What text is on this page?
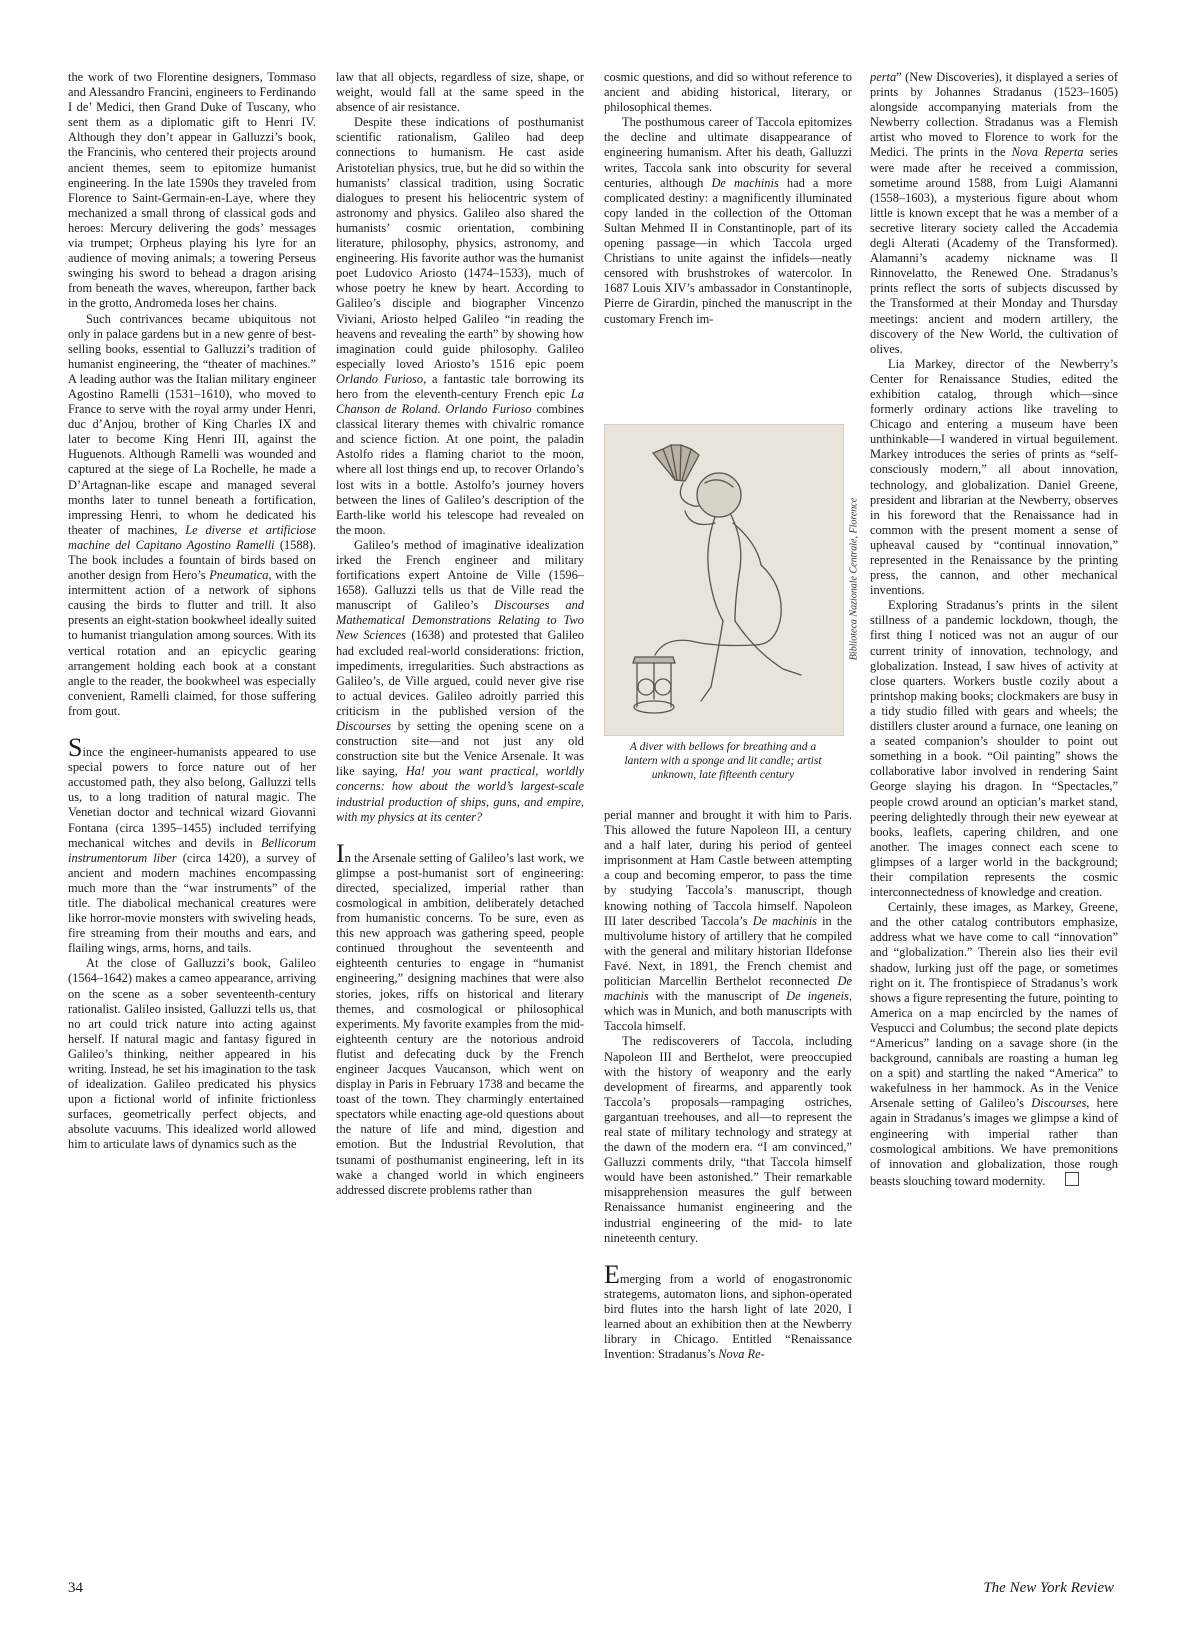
the work of two Florentine designers, Tommaso and Alessandro Francini, engineers to Ferdinando I de’ Medici, then Grand Duke of Tuscany, who sent them as a diplomatic gift to Henri IV. Although they don’t appear in Galluzzi’s book, the Francinis, who centered their projects around ancient themes, seem to epitomize humanist engineering. In the late 1590s they traveled from Florence to Saint-Germain-en-Laye, where they mechanized a small throng of classical gods and heroes: Mercury delivering the gods’ messages via trumpet; Orpheus playing his lyre for an audience of moving animals; a towering Perseus swinging his sword to behead a dragon arising from beneath the waves, whereupon, farther back in the grotto, Andromeda loses her chains.

Such contrivances became ubiquitous not only in palace gardens but in a new genre of best-selling books, essential to Galluzzi’s tradition of humanist engineering, the “theater of machines.” A leading author was the Italian military engineer Agostino Ramelli (1531–1610), who moved to France to serve with the royal army under Henri, duc d’Anjou, brother of King Charles IX and later to become King Henri III, against the Huguenots. Although Ramelli was wounded and captured at the siege of La Rochelle, he made a D’Artagnan-like escape and managed several months later to tunnel beneath a fortification, impressing Henri, to whom he dedicated his theater of machines, Le diverse et artificiose machine del Capitano Agostino Ramelli (1588). The book includes a fountain of birds based on another design from Hero’s Pneumatica, with the intermittent action of a network of siphons causing the birds to flutter and trill. It also presents an eight-station bookwheel ideally suited to humanist triangulation among sources. With its vertical rotation and an epicyclic gearing arrangement holding each book at a constant angle to the reader, the bookwheel was especially convenient, Ramelli claimed, for those suffering from gout.

Since the engineer-humanists appeared to use special powers to force nature out of her accustomed path, they also belong, Galluzzi tells us, to a long tradition of natural magic. The Venetian doctor and technical wizard Giovanni Fontana (circa 1395–1455) included terrifying mechanical witches and devils in Bellicorum instrumentorum liber (circa 1420), a survey of ancient and modern machines encompassing much more than the “war instruments” of the title. The diabolical mechanical creatures were like horror-movie monsters with swiveling heads, fire streaming from their mouths and ears, and flailing wings, arms, horns, and tails.

At the close of Galluzzi’s book, Galileo (1564–1642) makes a cameo appearance, arriving on the scene as a sober seventeenth-century rationalist. Galileo insisted, Galluzzi tells us, that no art could trick nature into acting against herself. If natural magic and fantasy figured in Galileo’s thinking, neither appeared in his writing. Instead, he set his imagination to the task of idealization. Galileo predicated his physics upon a fictional world of infinite frictionless surfaces, geometrically perfect objects, and absolute vacuums. This idealized world allowed him to articulate laws of dynamics such as the

law that all objects, regardless of size, shape, or weight, would fall at the same speed in the absence of air resistance.

Despite these indications of posthumanist scientific rationalism, Galileo had deep connections to humanism. He cast aside Aristotelian physics, true, but he did so within the humanists’ classical tradition, using Socratic dialogues to present his heliocentric system of astronomy and physics. Galileo also shared the humanists’ cosmic orientation, combining literature, philosophy, physics, astronomy, and engineering. His favorite author was the humanist poet Ludovico Ariosto (1474–1533), much of whose poetry he knew by heart. According to Galileo’s disciple and biographer Vincenzo Viviani, Ariosto helped Galileo “in reading the heavens and revealing the earth” by showing how imagination could guide philosophy. Galileo especially loved Ariosto’s 1516 epic poem Orlando Furioso, a fantastic tale borrowing its hero from the eleventh-century French epic La Chanson de Roland. Orlando Furioso combines classical literary themes with chivalric romance and science fiction. At one point, the paladin Astolfo rides a flaming chariot to the moon, where all lost things end up, to recover Orlando’s lost wits in a bottle. Astolfo’s journey hovers between the lines of Galileo’s description of the Earth-like world his telescope had revealed on the moon.

Galileo’s method of imaginative idealization irked the French engineer and military fortifications expert Antoine de Ville (1596–1658). Galluzzi tells us that de Ville read the manuscript of Galileo’s Discourses and Mathematical Demonstrations Relating to Two New Sciences (1638) and protested that Galileo had excluded real-world considerations: friction, impediments, irregularities. Such abstractions as Galileo’s, de Ville argued, could never give rise to actual devices. Galileo adroitly parried this criticism in the published version of the Discourses by setting the opening scene on a construction site—and not just any old construction site but the Venice Arsenale. It was like saying, Ha! you want practical, worldly concerns: how about the world’s largest-scale industrial production of ships, guns, and empire, with my physics at its center?

In the Arsenale setting of Galileo’s last work, we glimpse a post-humanist sort of engineering: directed, specialized, imperial rather than cosmological in ambition, deliberately detached from humanistic concerns. To be sure, even as this new approach was gathering speed, people continued throughout the seventeenth and eighteenth centuries to engage in “humanist engineering,” designing machines that were also stories, jokes, riffs on historical and literary themes, and cosmological or philosophical experiments. My favorite examples from the mid-eighteenth century are the notorious android flutist and defecating duck by the French engineer Jacques Vaucanson, which went on display in Paris in February 1738 and became the toast of the town. They charmingly entertained spectators while enacting age-old questions about the nature of life and mind, digestion and emotion. But the Industrial Revolution, that tsunami of posthumanist engineering, left in its wake a changed world in which engineers addressed discrete problems rather than

cosmic questions, and did so without reference to ancient and abiding historical, literary, or philosophical themes.

The posthumous career of Taccola epitomizes the decline and ultimate disappearance of engineering humanism. After his death, Galluzzi writes, Taccola sank into obscurity for several centuries, although De machinis had a more complicated destiny: a magnificently illuminated copy landed in the collection of the Ottoman Sultan Mehmed II in Constantinople, part of its opening passage—in which Taccola urged Christians to unite against the infidels—neatly censored with brushstrokes of watercolor. In 1687 Louis XIV’s ambassador in Constantinople, Pierre de Girardin, pinched the manuscript in the customary French im-

Biblioteca Nazionale Centrale, Florence
A diver with bellows for breathing and a
lantern with a sponge and lit candle; artist
unknown, late fifteenth century

perial manner and brought it with him to Paris. This allowed the future Napoleon III, a century and a half later, during his period of genteel imprisonment at Ham Castle between attempting a coup and becoming emperor, to pass the time by studying Taccola’s manuscript, though knowing nothing of Taccola himself. Napoleon III later described Taccola’s De machinis in the multivolume history of artillery that he compiled with the general and military historian Ildefonse Favé. Next, in 1891, the French chemist and politician Marcellin Berthelot reconnected De machinis with the manuscript of De ingeneis, which was in Munich, and both manuscripts with Taccola himself.

The rediscoverers of Taccola, including Napoleon III and Berthelot, were preoccupied with the history of weaponry and the early development of firearms, and apparently took Taccola’s proposals—rampaging ostriches, gargantuan treehouses, and all—to represent the real state of military technology and strategy at the dawn of the modern era. “I am convinced,” Galluzzi comments drily, “that Taccola himself would have been astonished.” Their remarkable misapprehension measures the gulf between Renaissance humanist engineering and the industrial engineering of the mid- to late nineteenth century.

Emerging from a world of enogastronomic strategems, automaton lions, and siphon-operated bird flutes into the harsh light of late 2020, I learned about an exhibition then at the Newberry library in Chicago. Entitled “Renaissance Invention: Stradanus’s Nova Re-

perta” (New Discoveries), it displayed a series of prints by Johannes Stradanus (1523–1605) alongside accompanying materials from the Newberry collection. Stradanus was a Flemish artist who moved to Florence to work for the Medici. The prints in the Nova Reperta series were made after he received a commission, sometime around 1588, from Luigi Alamanni (1558–1603), a mysterious figure about whom little is known except that he was a member of a secretive literary society called the Accademia degli Alterati (Academy of the Transformed). Alamanni’s academy nickname was Il Rinnovelatto, the Renewed One. Stradanus’s prints reflect the sorts of subjects discussed by the Transformed at their Monday and Thursday meetings: ancient and modern artillery, the discovery of the New World, the cultivation of olives.

Lia Markey, director of the Newberry’s Center for Renaissance Studies, edited the exhibition catalog, through which—since formerly ordinary actions like traveling to Chicago and entering a museum have been unthinkable—I wandered in virtual beguilement. Markey introduces the series of prints as “self-consciously modern,” all about innovation, technology, and globalization. Daniel Greene, president and librarian at the Newberry, observes in his foreword that the Renaissance had in common with the present moment a sense of upheaval caused by “continual innovation,” represented in the Renaissance by the printing press, the cannon, and other mechanical inventions.

Exploring Stradanus’s prints in the silent stillness of a pandemic lockdown, though, the first thing I noticed was not an augur of our current trinity of innovation, technology, and globalization. Instead, I saw hives of activity at close quarters. Workers bustle cozily about a printshop making books; clockmakers are busy in a tidy studio filled with gears and wheels; the distillers cluster around a furnace, one leaning on a seated companion’s shoulder to point out something in a book. “Oil painting” shows the collaborative labor involved in rendering Saint George slaying his dragon. In “Spectacles,” people crowd around an optician’s market stand, peering delightedly through their new eyewear at books, leaflets, capering children, and one another. The images connect each scene to glimpses of a larger world in the background; their compilation represents the cosmic interconnectedness of knowledge and creation.

Certainly, these images, as Markey, Greene, and the other catalog contributors emphasize, address what we have come to call “innovation” and “globalization.” Therein also lies their evil shadow, lurking just off the page, or sometimes right on it. The frontispiece of Stradanus’s work shows a figure representing the future, pointing to America on a map encircled by the names of Vespucci and Columbus; the second plate depicts “Americus” landing on a savage shore (in the background, cannibals are roasting a human leg on a spit) and startling the naked “America” to wakefulness in her hammock. As in the Venice Arsenale setting of Galileo’s Discourses, here again in Stradanus’s images we glimpse a kind of engineering with imperial rather than cosmological ambitions. We have premonitions of innovation and globalization, those rough beasts slouching toward modernity.

34	The New York Review
